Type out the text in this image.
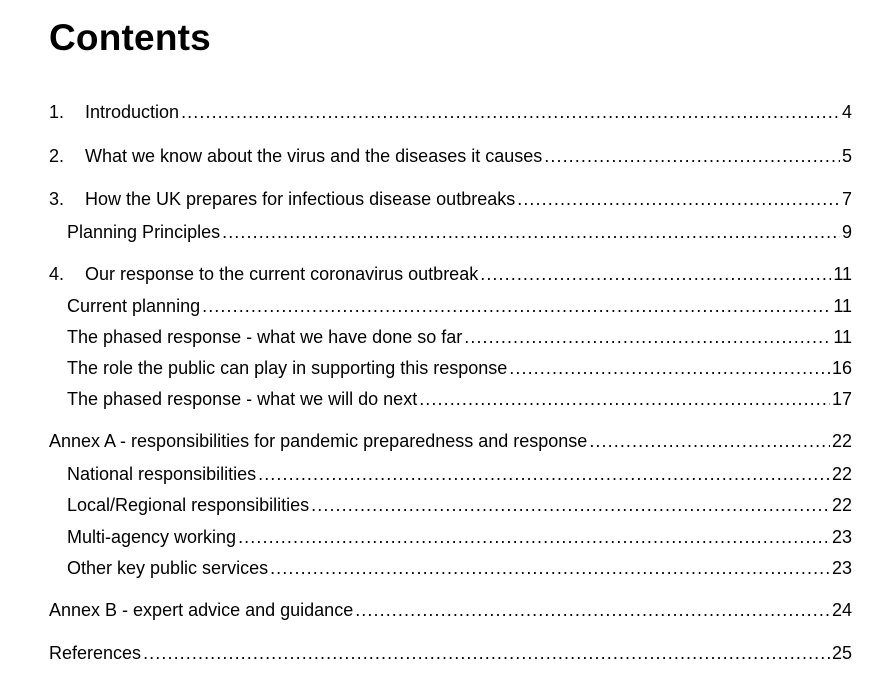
Contents
1.	Introduction .....	4
2.	What we know about the virus and the diseases it causes .....	5
3.	How the UK prepares for infectious disease outbreaks .....	7
Planning Principles .....	9
4.	Our response to the current coronavirus outbreak .....	11
Current planning .....	11
The phased response - what we have done so far .....	11
The role the public can play in supporting this response .....	16
The phased response - what we will do next .....	17
Annex A - responsibilities for pandemic preparedness and response .....	22
National responsibilities .....	22
Local/Regional responsibilities .....	22
Multi-agency working .....	23
Other key public services .....	23
Annex B - expert advice and guidance .....	24
References .....	25
